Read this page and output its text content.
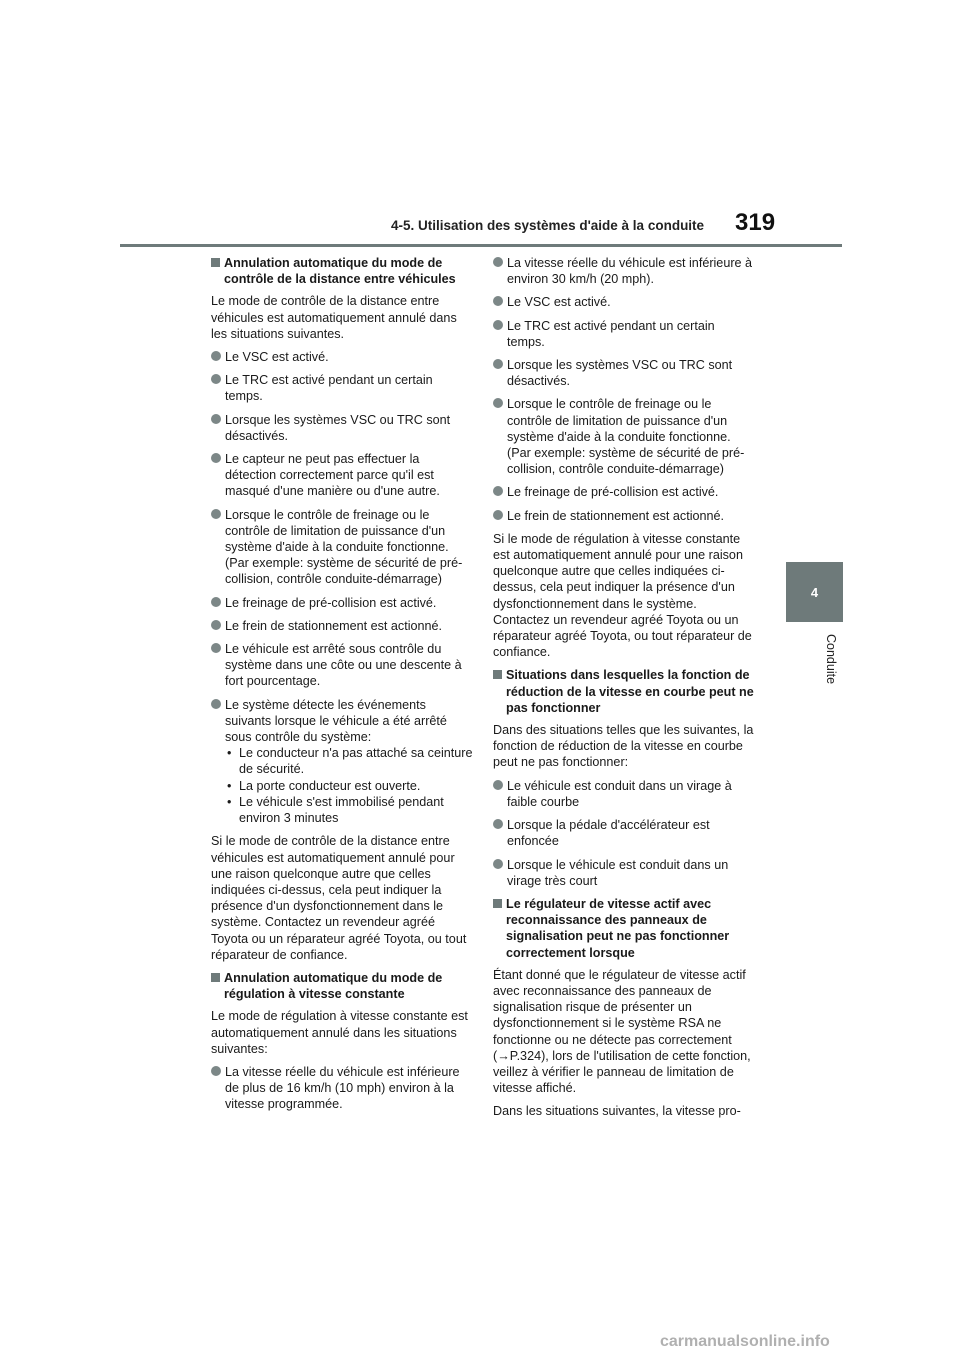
4-5. Utilisation des systèmes d'aide à la conduite 319
4
Conduite
Annulation automatique du mode de contrôle de la distance entre véhicules

Le mode de contrôle de la distance entre véhicules est automatiquement annulé dans les situations suivantes.

Le VSC est activé.
Le TRC est activé pendant un certain temps.
Lorsque les systèmes VSC ou TRC sont désactivés.
Le capteur ne peut pas effectuer la détection correctement parce qu'il est masqué d'une manière ou d'une autre.
Lorsque le contrôle de freinage ou le contrôle de limitation de puissance d'un système d'aide à la conduite fonctionne. (Par exemple: système de sécurité de pré-collision, contrôle conduite-démarrage)
Le freinage de pré-collision est activé.
Le frein de stationnement est actionné.
Le véhicule est arrêté sous contrôle du système dans une côte ou une descente à fort pourcentage.
Le système détecte les événements suivants lorsque le véhicule a été arrêté sous contrôle du système:
• Le conducteur n'a pas attaché sa ceinture de sécurité.
• La porte conducteur est ouverte.
• Le véhicule s'est immobilisé pendant environ 3 minutes

Si le mode de contrôle de la distance entre véhicules est automatiquement annulé pour une raison quelconque autre que celles indiquées ci-dessus, cela peut indiquer la présence d'un dysfonctionnement dans le système. Contactez un revendeur agréé Toyota ou un réparateur agréé Toyota, ou tout réparateur de confiance.

Annulation automatique du mode de régulation à vitesse constante

Le mode de régulation à vitesse constante est automatiquement annulé dans les situations suivantes:

La vitesse réelle du véhicule est inférieure de plus de 16 km/h (10 mph) environ à la vitesse programmée.
La vitesse réelle du véhicule est inférieure à environ 30 km/h (20 mph).
Le VSC est activé.
Le TRC est activé pendant un certain temps.
Lorsque les systèmes VSC ou TRC sont désactivés.
Lorsque le contrôle de freinage ou le contrôle de limitation de puissance d'un système d'aide à la conduite fonctionne. (Par exemple: système de sécurité de pré-collision, contrôle conduite-démarrage)
Le freinage de pré-collision est activé.
Le frein de stationnement est actionné.

Si le mode de régulation à vitesse constante est automatiquement annulé pour une raison quelconque autre que celles indiquées ci-dessus, cela peut indiquer la présence d'un dysfonctionnement dans le système. Contactez un revendeur agréé Toyota ou un réparateur agréé Toyota, ou tout réparateur de confiance.

Situations dans lesquelles la fonction de réduction de la vitesse en courbe peut ne pas fonctionner

Dans des situations telles que les suivantes, la fonction de réduction de la vitesse en courbe peut ne pas fonctionner:

Le véhicule est conduit dans un virage à faible courbe
Lorsque la pédale d'accélérateur est enfoncée
Lorsque le véhicule est conduit dans un virage très court
Le régulateur de vitesse actif avec reconnaissance des panneaux de signalisation peut ne pas fonctionner correctement lorsque

Étant donné que le régulateur de vitesse actif avec reconnaissance des panneaux de signalisation risque de présenter un dysfonctionnement si le système RSA ne fonctionne ou ne détecte pas correctement (→P.324), lors de l'utilisation de cette fonction, veillez à vérifier le panneau de limitation de vitesse affiché.

Dans les situations suivantes, la vitesse pro-

carmanualsonline.info
